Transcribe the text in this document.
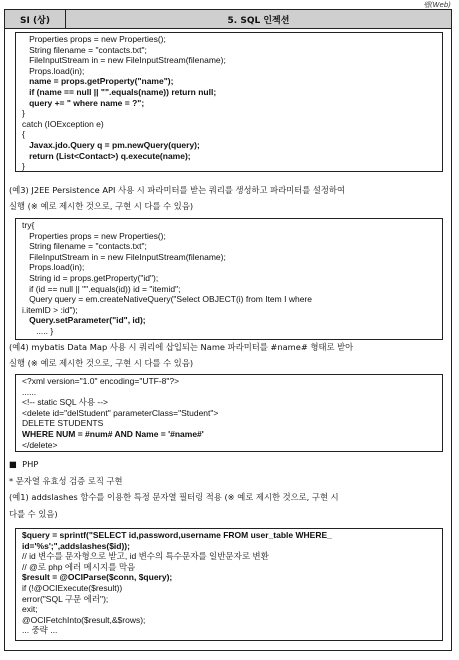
웹(Web)
SI (상)	5. SQL 인젝션
Properties props = new Properties();
String filename = "contacts.txt";
FileInputStream in = new FileInputStream(filename);
Props.load(in);
name = props.getProperty("name");
if (name == null || "".equals(name)) return null;
query += " where name = ?";
}
catch (IOException e)
{
Javax.jdo.Query q = pm.newQuery(query);
return (List<Contact>) q.execute(name);
}
(예3) J2EE Persistence API 사용 시 파라미터를 받는 쿼리를 생성하고 파라미터를 설정하여
실행 (※ 예로 제시한 것으로, 구현 시 다를 수 있음)
try{
Properties props = new Properties();
String filename = "contacts.txt";
FileInputStream in = new FileInputStream(filename);
Props.load(in);
String id = props.getProperty("id");
if (id == null || "".equals(id)) id = "itemid";
Query query = em.createNativeQuery("Select OBJECT(i) from Item I where
i.itemID > :id");
Query.setParameter("id", id);
..... }
(예4) mybatis Data Map 사용 시 쿼리에 삽입되는 Name 파라미터를 #name# 형태로 받아
실행 (※ 예로 제시한 것으로, 구현 시 다를 수 있음)
<?xml version="1.0" encoding="UTF-8"?>
......
<!-- static SQL 사용 -->
<delete id="delStudent" parameterClass="Student">
DELETE STUDENTS
WHERE NUM = #num# AND Name = '#name#'
</delete>
■  PHP
* 문자열 유효성 검증 로직 구현
(예1) addslashes 함수를 이용한 특정 문자열 필터링 적용 (※ 예로 제시한 것으로, 구현 시
다를 수 있음)
$query = sprintf("SELECT id,password,username FROM user_table WHERE_
id='%s';",addslashes($id));
// id 변수를 문자형으로 받고, id 변수의 특수문자를 일반문자로 변환
// @로 php 에러 메시지를 막음
$result = @OCIParse($conn, $query);
if (!@OCIExecute($result))
error("SQL 구문 에러");
exit;
@OCIFetchInto($result,&$rows);
... 중략 ...
